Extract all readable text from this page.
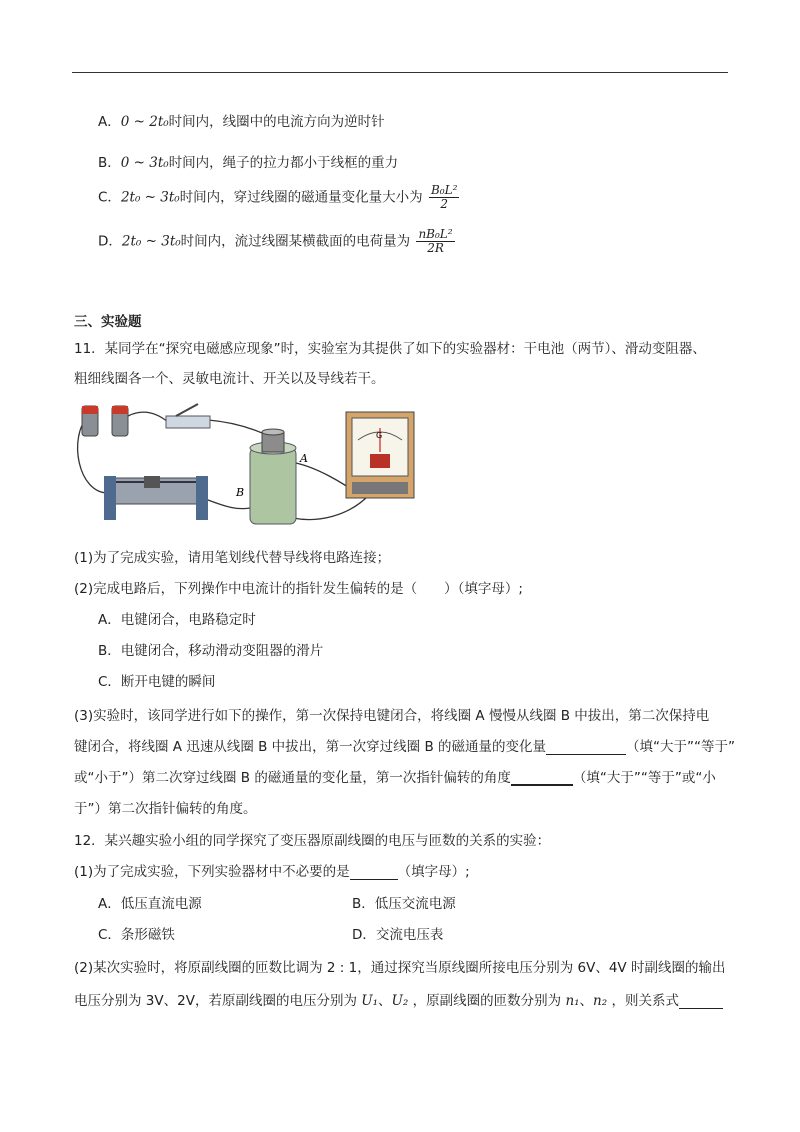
A．0 ~ 2t₀时间内，线圈中的电流方向为逆时针
B．0 ~ 3t₀时间内，绳子的拉力都小于线框的重力
C．2t₀ ~ 3t₀时间内，穿过线圈的磁通量变化量大小为 $\frac{\text{B₀L²}}{2}$
D．2t₀ ~ 3t₀时间内，流过线圈某横截面的电荷量为 $\frac{\text{nB₀L²}}{2R}$
三、实验题
11．某同学在“探究电磁感应现象”时，实验室为其提供了如下的实验器材：干电池（两节）、滑动变阻器、
粗细线圈各一个、灵敏电流计、开关以及导线若干。
A
B
G
(1)为了完成实验，请用笔划线代替导线将电路连接；
(2)完成电路后，下列操作中电流计的指针发生偏转的是（　　）（填字母）;
A．电键闭合，电路稳定时
B．电键闭合，移动滑动变阻器的滑片
C．断开电键的瞬间
(3)实验时，该同学进行如下的操作，第一次保持电键闭合，将线圈 A 慢慢从线圈 B 中拔出，第二次保持电
键闭合，将线圈 A 迅速从线圈 B 中拔出，第一次穿过线圈 B 的磁通量的变化量	（填“大于”“等于”
或“小于”）第二次穿过线圈 B 的磁通量的变化量，第一次指针偏转的角度	（填“大于”“等于”或“小
于”）第二次指针偏转的角度。
12．某兴趣实验小组的同学探究了变压器原副线圈的电压与匝数的关系的实验：
(1)为了完成实验，下列实验器材中不必要的是	（填字母）;
A．低压直流电源	B．低压交流电源
C．条形磁铁	D．交流电压表
(2)某次实验时，将原副线圈的匝数比调为 2 : 1，通过探究当原线圈所接电压分别为 6V、4V 时副线圈的输出
电压分别为 3V、2V，若原副线圈的电压分别为 U₁、U₂ ，原副线圈的匝数分别为 n₁、n₂ ，则关系式
